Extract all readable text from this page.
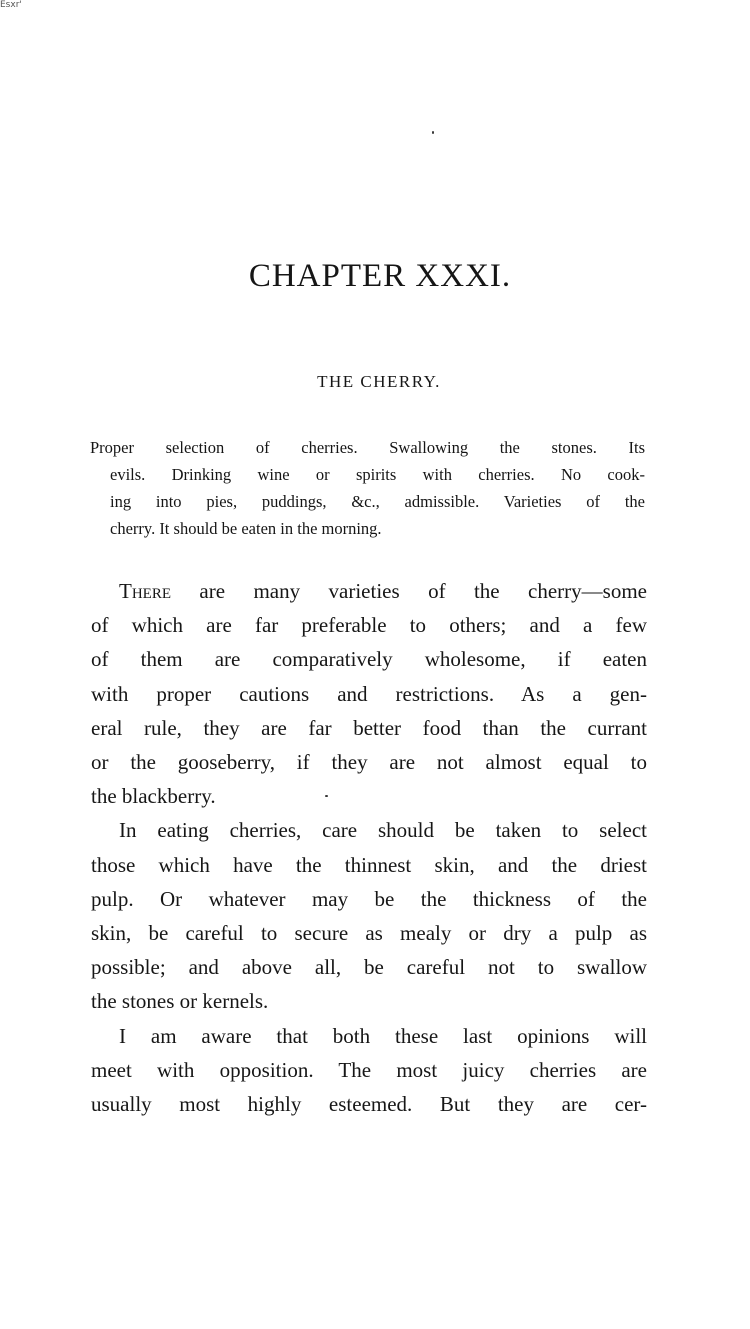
Esxr'
CHAPTER XXXI.
THE CHERRY.
Proper selection of cherries. Swallowing the stones. Its
evils. Drinking wine or spirits with cherries. No cook-
ing into pies, puddings, &c., admissible. Varieties of the
cherry. It should be eaten in the morning.
There are many varieties of the cherry—some
of which are far preferable to others; and a few
of them are comparatively wholesome, if eaten
with proper cautions and restrictions. As a gen-
eral rule, they are far better food than the currant
or the gooseberry, if they are not almost equal to
the blackberry.
In eating cherries, care should be taken to select
those which have the thinnest skin, and the driest
pulp. Or whatever may be the thickness of the
skin, be careful to secure as mealy or dry a pulp as
possible; and above all, be careful not to swallow
the stones or kernels.
I am aware that both these last opinions will
meet with opposition. The most juicy cherries are
usually most highly esteemed. But they are cer-
